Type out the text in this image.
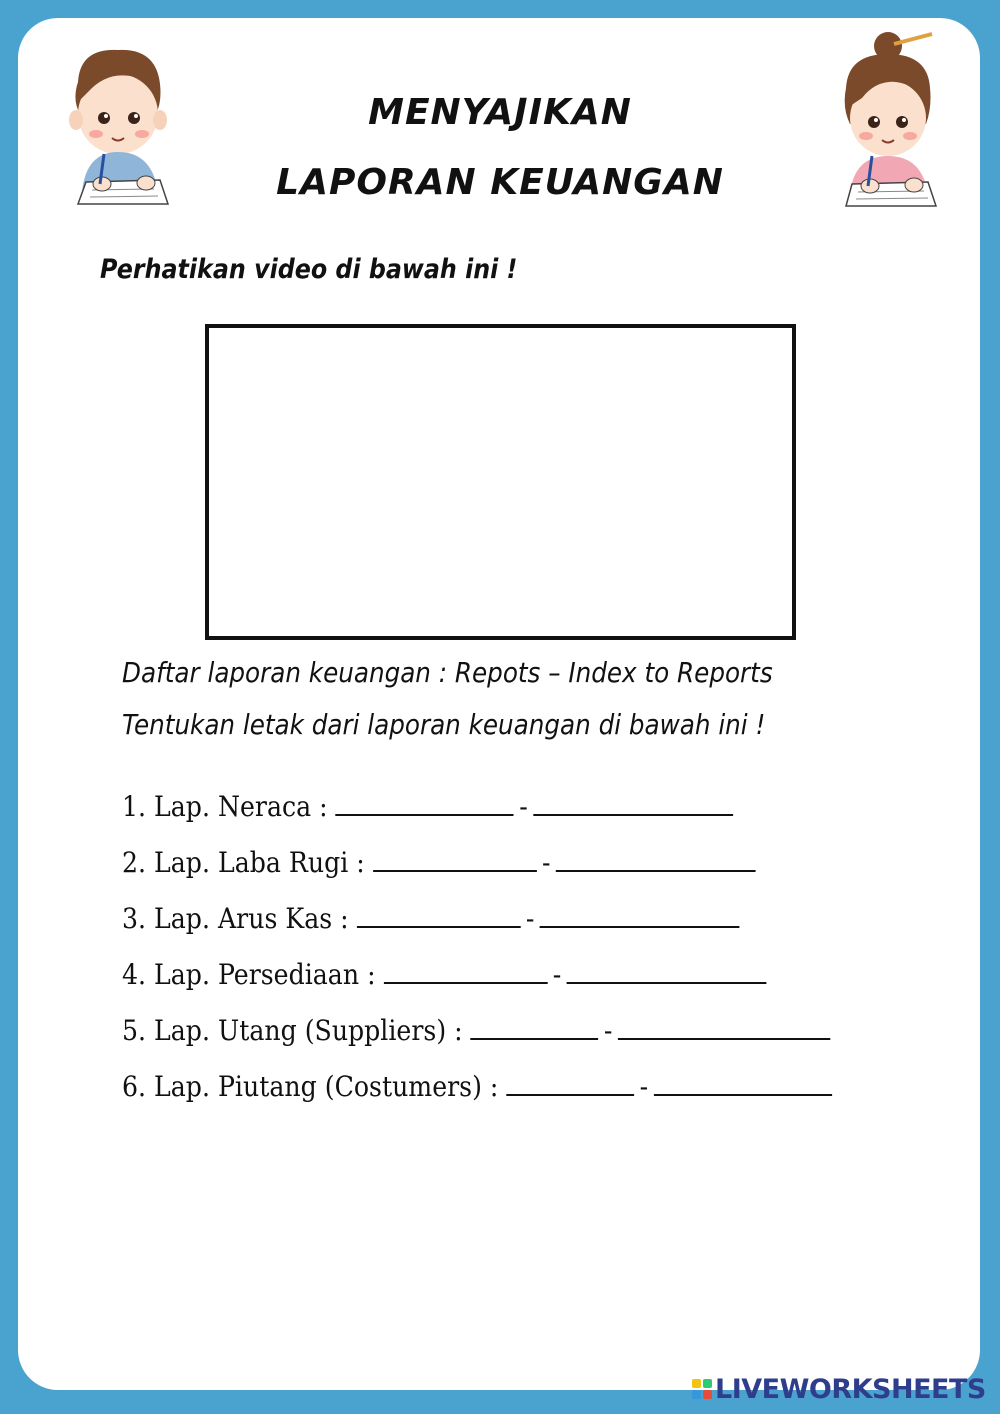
MENYAJIKAN
LAPORAN KEUANGAN
Perhatikan video di bawah ini !
Daftar laporan keuangan : Repots – Index to Reports
Tentukan letak dari laporan keuangan di bawah ini !
1. Lap. Neraca :	-
2. Lap. Laba Rugi :	-
3. Lap. Arus Kas :	-
4. Lap. Persediaan :	-
5. Lap. Utang (Suppliers) :	-
6. Lap. Piutang (Costumers) :	-
LIVEWORKSHEETS
